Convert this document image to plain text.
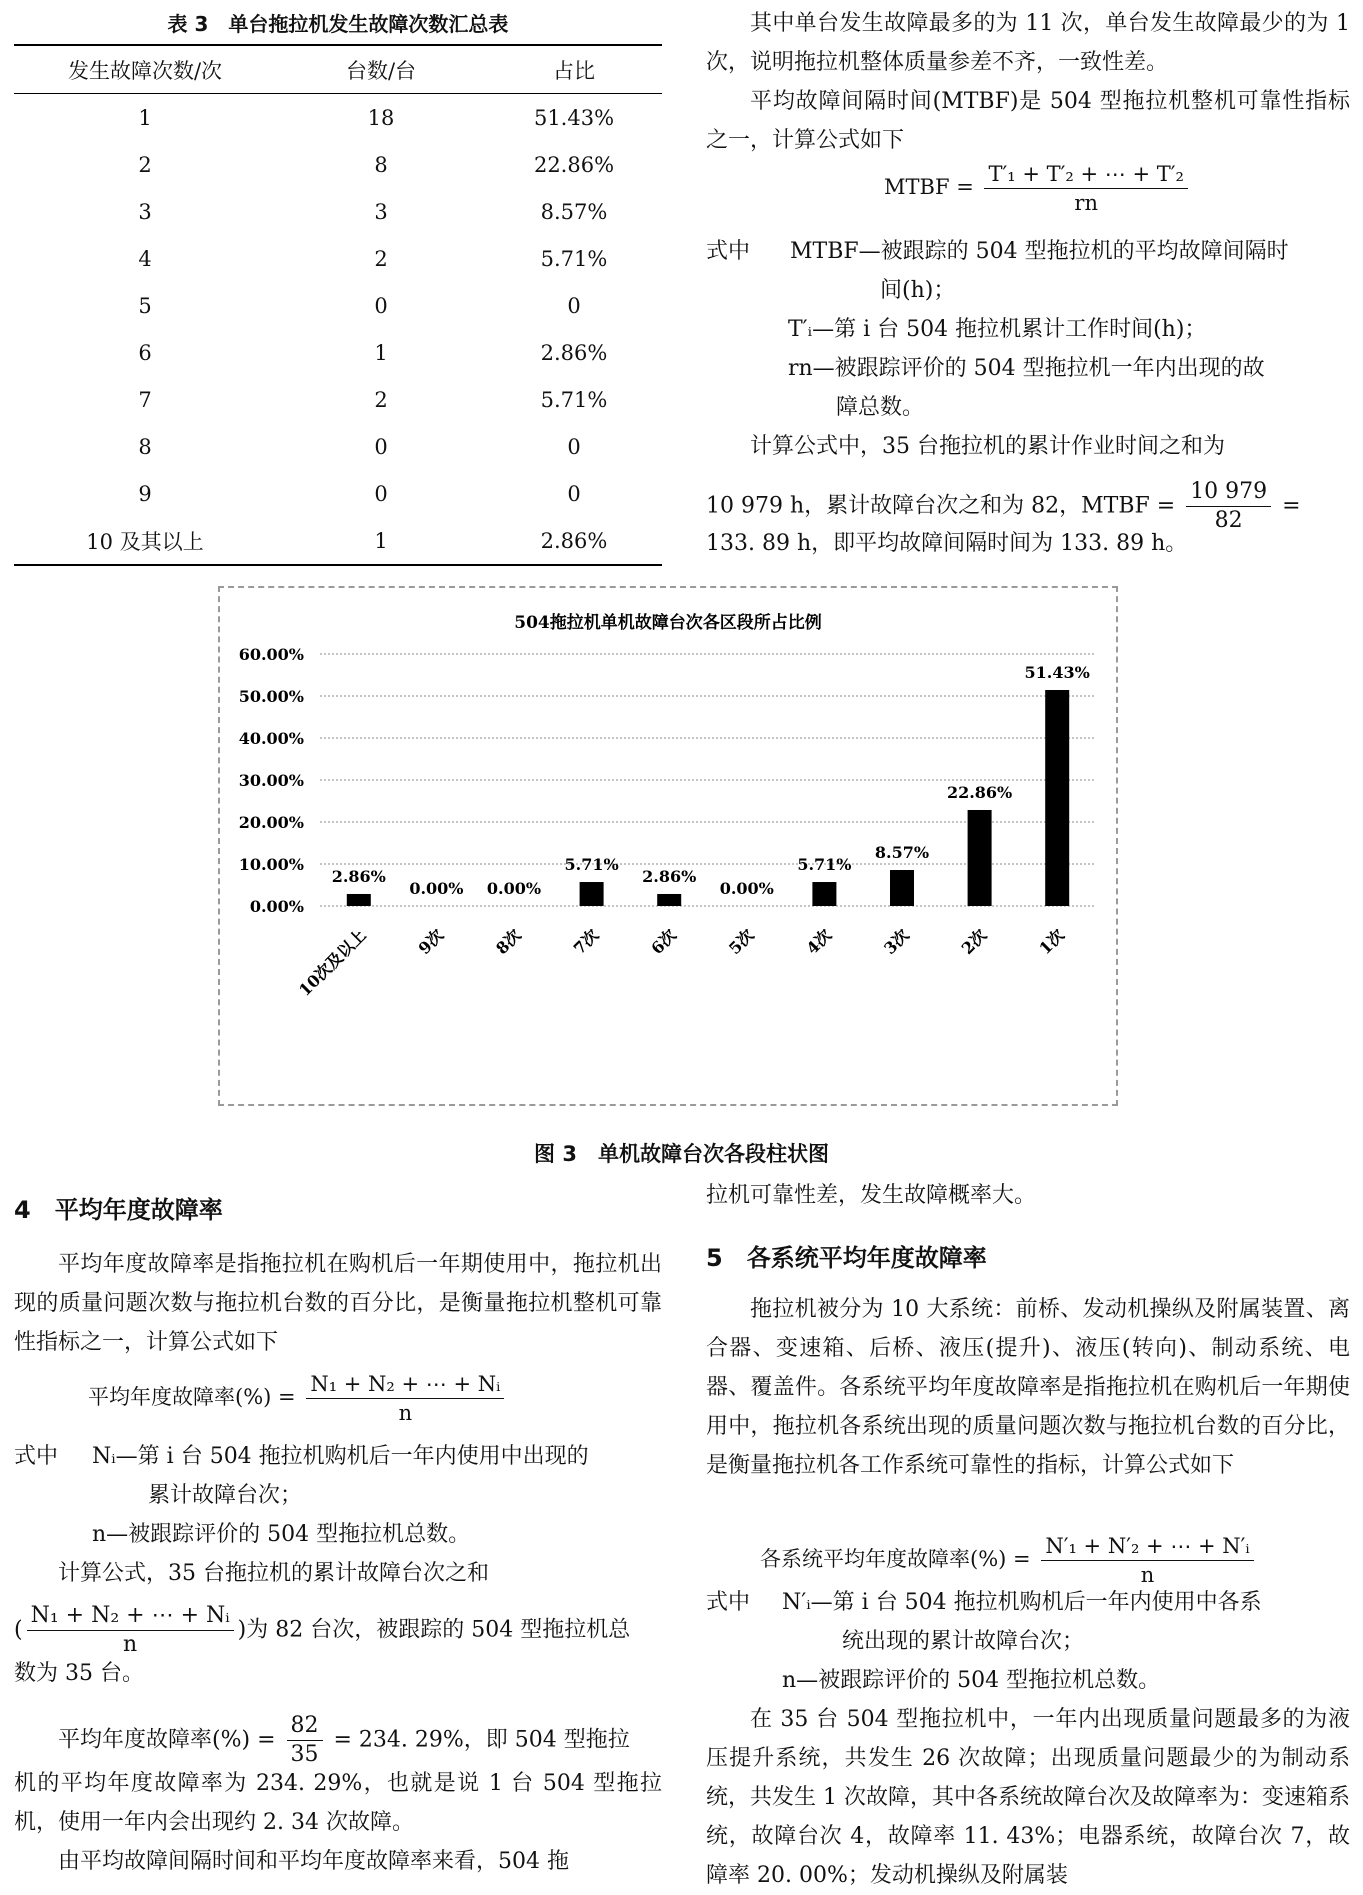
表 3　单台拖拉机发生故障次数汇总表
发生故障次数/次	台数/台	占比
1	18	51.43%
2	8	22.86%
3	3	8.57%
4	2	5.71%
5	0	0
6	1	2.86%
7	2	5.71%
8	0	0
9	0	0
10 及其以上	1	2.86%

其中单台发生故障最多的为 11 次，单台发生故障最少的为 1 次，说明拖拉机整体质量参差不齐，一致性差。

平均故障间隔时间(MTBF)是 504 型拖拉机整机可靠性指标之一，计算公式如下

MTBF = $\frac{\text{T′₁ + T′₂ + ⋯ + T′₂}}{rn}$
式中 MTBF—被跟踪的 504 型拖拉机的平均故障间隔时
间(h)；
T′ᵢ—第 i 台 504 拖拉机累计工作时间(h)；
rn—被跟踪评价的 504 型拖拉机一年内出现的故
障总数。

计算公式中，35 台拖拉机的累计作业时间之和为

10 979 h，累计故障台次之和为 82，MTBF = $\frac{10 979}{82}$ =
133. 89 h，即平均故障间隔时间为 133. 89 h。
504拖拉机单机故障台次各区段所占比例
0.00%
10.00%
20.00%
30.00%
40.00%
50.00%
60.00%
2.86%
0.00% 0.00%
5.71%
2.86%
0.00%
5.71%
8.57%
22.86%
51.43%
10次及以上	9次	8次	7次	6次	5次	4次	3次	2次	1次
图 3　单机故障台次各段柱状图
4　平均年度故障率

平均年度故障率是指拖拉机在购机后一年期使用中，拖拉机出现的质量问题次数与拖拉机台数的百分比，是衡量拖拉机整机可靠性指标之一，计算公式如下

平均年度故障率(%) = $\frac{\text{N₁ + N₂ + ⋯ + Nᵢ}}{n}$
式中 Nᵢ—第 i 台 504 拖拉机购机后一年内使用中出现的
累计故障台次；
n—被跟踪评价的 504 型拖拉机总数。

计算公式，35 台拖拉机的累计故障台次之和

( $\frac{\text{N₁ + N₂ + ⋯ + Nᵢ}}{n}$ )为 82 台次，被跟踪的 504 型拖拉机总
数为 35 台。
平均年度故障率(%) = $\frac{82}{35} = 234$. 29%，即 504 型拖拉

机的平均年度故障率为 234. 29%，也就是说 1 台 504 型拖拉机，使用一年内会出现约 2. 34 次故障。

由平均故障间隔时间和平均年度故障率来看，504 拖

拉机可靠性差，发生故障概率大。
5　各系统平均年度故障率

拖拉机被分为 10 大系统：前桥、发动机操纵及附属装置、离合器、变速箱、后桥、液压(提升)、液压(转向)、制动系统、电器、覆盖件。各系统平均年度故障率是指拖拉机在购机后一年期使用中，拖拉机各系统出现的质量问题次数与拖拉机台数的百分比，是衡量拖拉机各工作系统可靠性的指标，计算公式如下

各系统平均年度故障率(%) = $\frac{\text{N′₁ + N′₂ + ⋯ + N′ᵢ}}{n}$
式中 N′ᵢ—第 i 台 504 拖拉机购机后一年内使用中各系
统出现的累计故障台次；
n—被跟踪评价的 504 型拖拉机总数。

在 35 台 504 型拖拉机中，一年内出现质量问题最多的为液压提升系统，共发生 26 次故障；出现质量问题最少的为制动系统，共发生 1 次故障，其中各系统故障台次及故障率为：变速箱系统，故障台次 4，故障率 11. 43%；电器系统，故障台次 7，故障率 20. 00%；发动机操纵及附属装
